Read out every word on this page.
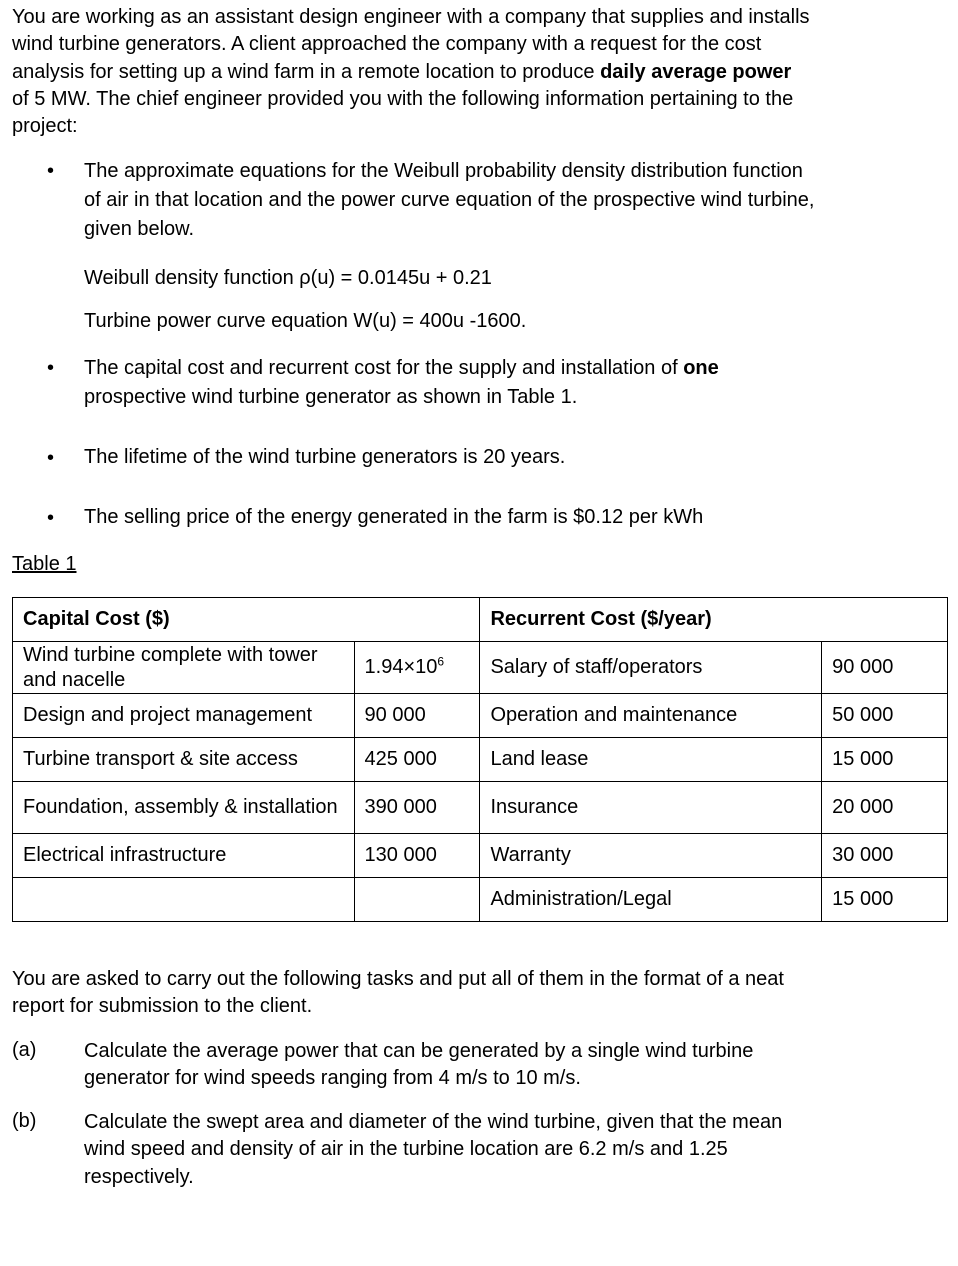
You are working as an assistant design engineer with a company that supplies and installs wind turbine generators. A client approached the company with a request for the cost analysis for setting up a wind farm in a remote location to produce daily average power of 5 MW. The chief engineer provided you with the following information pertaining to the project:
• The approximate equations for the Weibull probability density distribution function of air in that location and the power curve equation of the prospective wind turbine, given below.
Weibull density function ρ(u) = 0.0145u + 0.21
Turbine power curve equation W(u) = 400u -1600.
• The capital cost and recurrent cost for the supply and installation of one prospective wind turbine generator as shown in Table 1.
• The lifetime of the wind turbine generators is 20 years.
• The selling price of the energy generated in the farm is $0.12 per kWh
Table 1
Capital Cost ($)		Recurrent Cost ($/year)	
Wind turbine complete with tower and nacelle	$1.94\times 10^6$	Salary of staff/operators	90 000
Design and project management	90 000	Operation and maintenance	50 000
Turbine transport & site access	425 000	Land lease	15 000
Foundation, assembly & installation	390 000	Insurance	20 000
Electrical infrastructure	130 000	Warranty	30 000
		Administration/Legal	15 000
You are asked to carry out the following tasks and put all of them in the format of a neat report for submission to the client.
(a) Calculate the average power that can be generated by a single wind turbine generator for wind speeds ranging from 4 m/s to 10 m/s.
(b) Calculate the swept area and diameter of the wind turbine, given that the mean wind speed and density of air in the turbine location are 6.2 m/s and 1.25 respectively.
